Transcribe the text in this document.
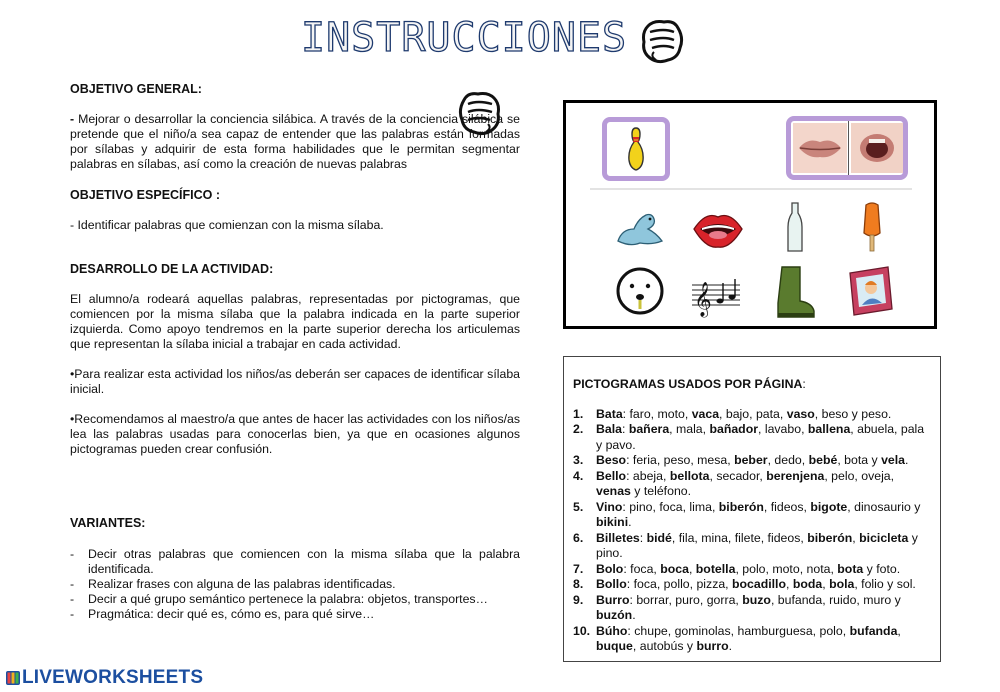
INSTRUCCIONES

OBJETIVO GENERAL:

- Mejorar o desarrollar la conciencia silábica. A través de la conciencia silábica se pretende que el niño/a sea capaz de entender que las palabras están formadas por sílabas y adquirir de esta forma habilidades que le permitan segmentar palabras en sílabas, así como la creación de nuevas palabras

OBJETIVO ESPECÍFICO :

- Identificar palabras que comienzan con la misma sílaba.

DESARROLLO DE LA ACTIVIDAD:

El alumno/a rodeará aquellas palabras, representadas por pictogramas, que comiencen por la misma sílaba que la palabra indicada en la parte superior izquierda. Como apoyo tendremos en la parte superior derecha los articulemas que representan la sílaba inicial a trabajar en cada actividad.

•Para realizar esta actividad los niños/as deberán ser capaces de identificar sílaba inicial.

•Recomendamos al maestro/a que antes de hacer las actividades con los niños/as lea las palabras usadas para conocerlas bien, ya que en ocasiones algunos pictogramas pueden crear confusión.

VARIANTES:

- Decir otras palabras que comiencen con la misma sílaba que la palabra identificada.
- Realizar frases con alguna de las palabras identificadas.
- Decir a qué grupo semántico pertenece la palabra: objetos, transportes…
- Pragmática: decir qué es, cómo es, para qué sirve…
𝄞

PICTOGRAMAS USADOS POR PÁGINA:

1. Bata: faro, moto, vaca, bajo, pata, vaso, beso y peso.
2. Bala: bañera, mala, bañador, lavabo, ballena, abuela, pala y pavo.
3. Beso: feria, peso, mesa, beber, dedo, bebé, bota y vela.
4. Bello: abeja, bellota, secador, berenjena, pelo, oveja, venas y teléfono.
5. Vino: pino, foca, lima, biberón, fideos, bigote, dinosaurio y bikini.
6. Billetes: bidé, fila, mina, filete, fideos, biberón, bicicleta y pino.
7. Bolo: foca, boca, botella, polo, moto, nota, bota y foto.
8. Bollo: foca, pollo, pizza, bocadillo, boda, bola, folio y sol.
9. Burro: borrar, puro, gorra, buzo, bufanda, ruido, muro y buzón.
10. Búho: chupe, gominolas, hamburguesa, polo, bufanda, buque, autobús y burro.
LIVEWORKSHEETS
